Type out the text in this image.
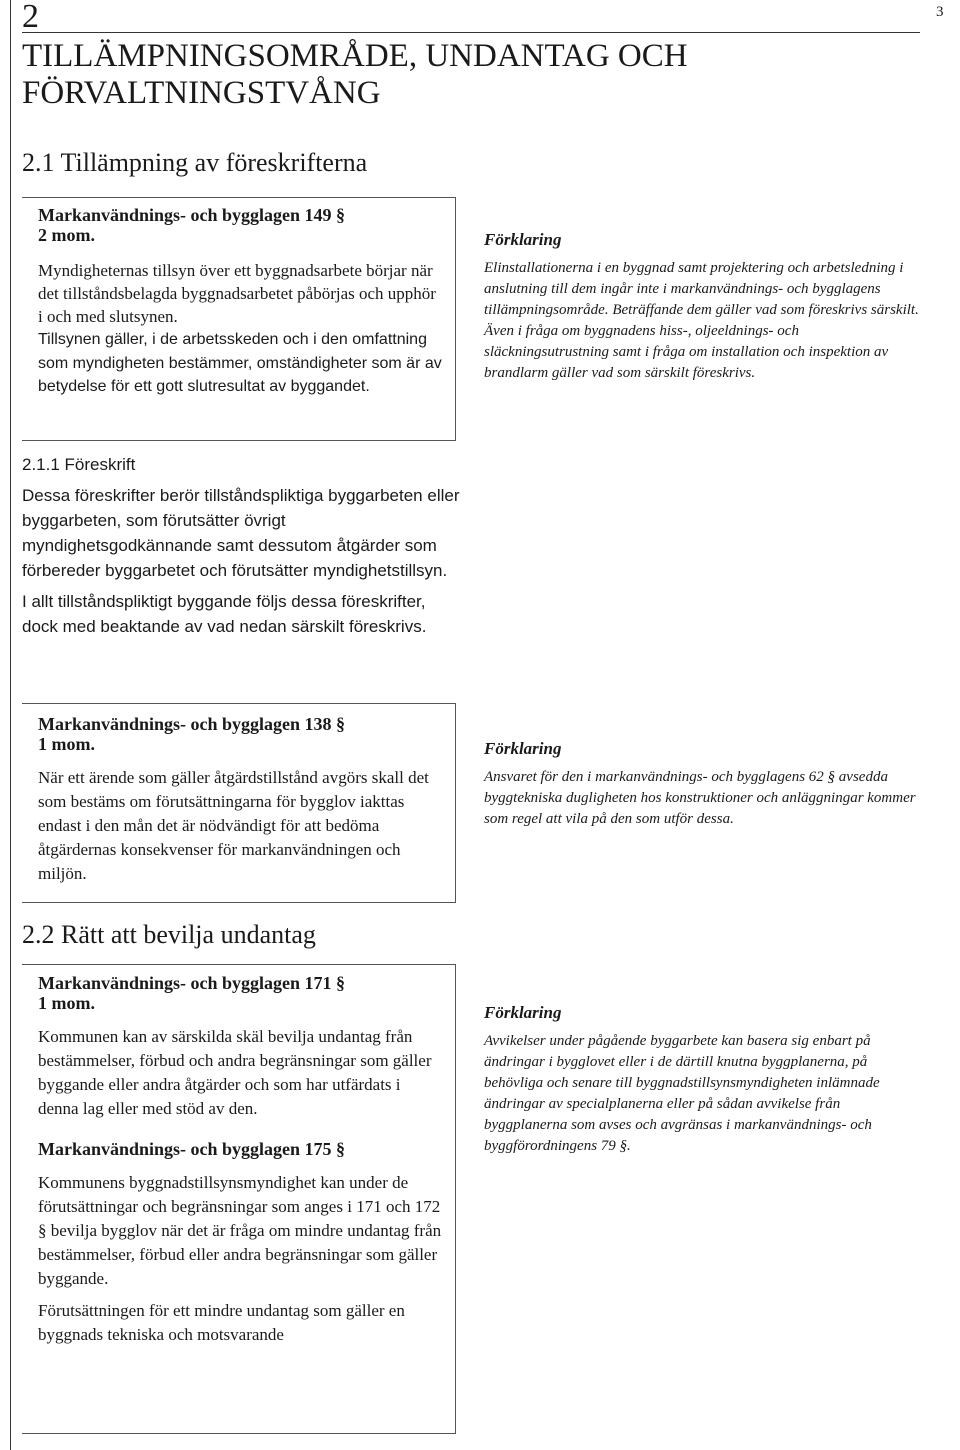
2	3
TILLÄMPNINGSOMRÅDE, UNDANTAG OCH FÖRVALTNINGSTVÅNG
2.1 Tillämpning av föreskrifterna

Markanvändnings- och bygglagen 149 §

2 mom.

Myndigheternas tillsyn över ett byggnadsarbete börjar när det tillståndsbelagda byggnadsarbetet påbörjas och upphör i och med slutsynen.

Tillsynen gäller, i de arbetsskeden och i den omfattning som myndigheten bestämmer, omständigheter som är av betydelse för ett gott slutresultat av byggandet.

Förklaring

Elinstallationerna i en byggnad samt projektering och arbetsledning i anslutning till dem ingår inte i markanvändnings- och bygglagens tillämpningsområde. Beträffande dem gäller vad som föreskrivs särskilt. Även i fråga om byggnadens hiss-, oljeeldnings- och släckningsutrustning samt i fråga om installation och inspektion av brandlarm gäller vad som särskilt föreskrivs.

2.1.1 Föreskrift

Dessa föreskrifter berör tillståndspliktiga byggarbeten eller byggarbeten, som förutsätter övrigt myndighetsgodkännande samt dessutom åtgärder som förbereder byggarbetet och förutsätter myndighetstillsyn.

I allt tillståndspliktigt byggande följs dessa föreskrifter, dock med beaktande av vad nedan särskilt föreskrivs.

Markanvändnings- och bygglagen 138 §

1 mom.

När ett ärende som gäller åtgärdstillstånd avgörs skall det som bestäms om förutsättningarna för bygglov iakttas endast i den mån det är nödvändigt för att bedöma åtgärdernas konsekvenser för markanvändningen och miljön.

Förklaring

Ansvaret för den i markanvändnings- och bygglagens 62 § avsedda byggtekniska dugligheten hos konstruktioner och anläggningar kommer som regel att vila på den som utför dessa.

2.2 Rätt att bevilja undantag

Markanvändnings- och bygglagen 171 §

1 mom.

Kommunen kan av särskilda skäl bevilja undantag från bestämmelser, förbud och andra begränsningar som gäller byggande eller andra åtgärder och som har utfärdats i denna lag eller med stöd av den.

Markanvändnings- och bygglagen 175 §

Kommunens byggnadstillsynsmyndighet kan under de förutsättningar och begränsningar som anges i 171 och 172 § bevilja bygglov när det är fråga om mindre undantag från bestämmelser, förbud eller andra begränsningar som gäller byggande.

Förutsättningen för ett mindre undantag som gäller en byggnads tekniska och motsvarande

Förklaring

Avvikelser under pågående byggarbete kan basera sig enbart på ändringar i bygglovet eller i de därtill knutna byggplanerna, på behövliga och senare till byggnadstillsynsmyndigheten inlämnade ändringar av specialplanerna eller på sådan avvikelse från byggplanerna som avses och avgränsas i markanvändnings- och byggförordningens 79 §.
